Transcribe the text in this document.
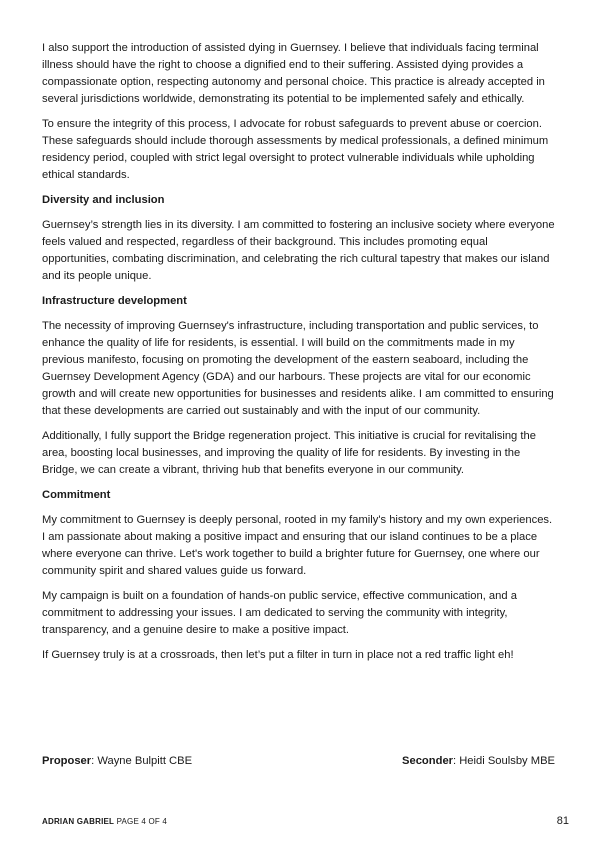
I also support the introduction of assisted dying in Guernsey. I believe that individuals facing terminal illness should have the right to choose a dignified end to their suffering. Assisted dying provides a compassionate option, respecting autonomy and personal choice. This practice is already accepted in several jurisdictions worldwide, demonstrating its potential to be implemented safely and ethically.

To ensure the integrity of this process, I advocate for robust safeguards to prevent abuse or coercion. These safeguards should include thorough assessments by medical professionals, a defined minimum residency period, coupled with strict legal oversight to protect vulnerable individuals while upholding ethical standards.

Diversity and inclusion

Guernsey’s strength lies in its diversity. I am committed to fostering an inclusive society where everyone feels valued and respected, regardless of their background. This includes promoting equal opportunities, combating discrimination, and celebrating the rich cultural tapestry that makes our island and its people unique.

Infrastructure development

The necessity of improving Guernsey's infrastructure, including transportation and public services, to enhance the quality of life for residents, is essential. I will build on the commitments made in my previous manifesto, focusing on promoting the development of the eastern seaboard, including the Guernsey Development Agency (GDA) and our harbours. These projects are vital for our economic growth and will create new opportunities for businesses and residents alike. I am committed to ensuring that these developments are carried out sustainably and with the input of our community.

Additionally, I fully support the Bridge regeneration project. This initiative is crucial for revitalising the area, boosting local businesses, and improving the quality of life for residents. By investing in the Bridge, we can create a vibrant, thriving hub that benefits everyone in our community.

Commitment

My commitment to Guernsey is deeply personal, rooted in my family's history and my own experiences. I am passionate about making a positive impact and ensuring that our island continues to be a place where everyone can thrive. Let's work together to build a brighter future for Guernsey, one where our community spirit and shared values guide us forward.

My campaign is built on a foundation of hands-on public service, effective communication, and a commitment to addressing your issues. I am dedicated to serving the community with integrity, transparency, and a genuine desire to make a positive impact.

If Guernsey truly is at a crossroads, then let’s put a filter in turn in place not a red traffic light eh!

Proposer: Wayne Bulpitt CBE	Seconder: Heidi Soulsby MBE
ADRIAN GABRIEL PAGE 4 OF 4	81
